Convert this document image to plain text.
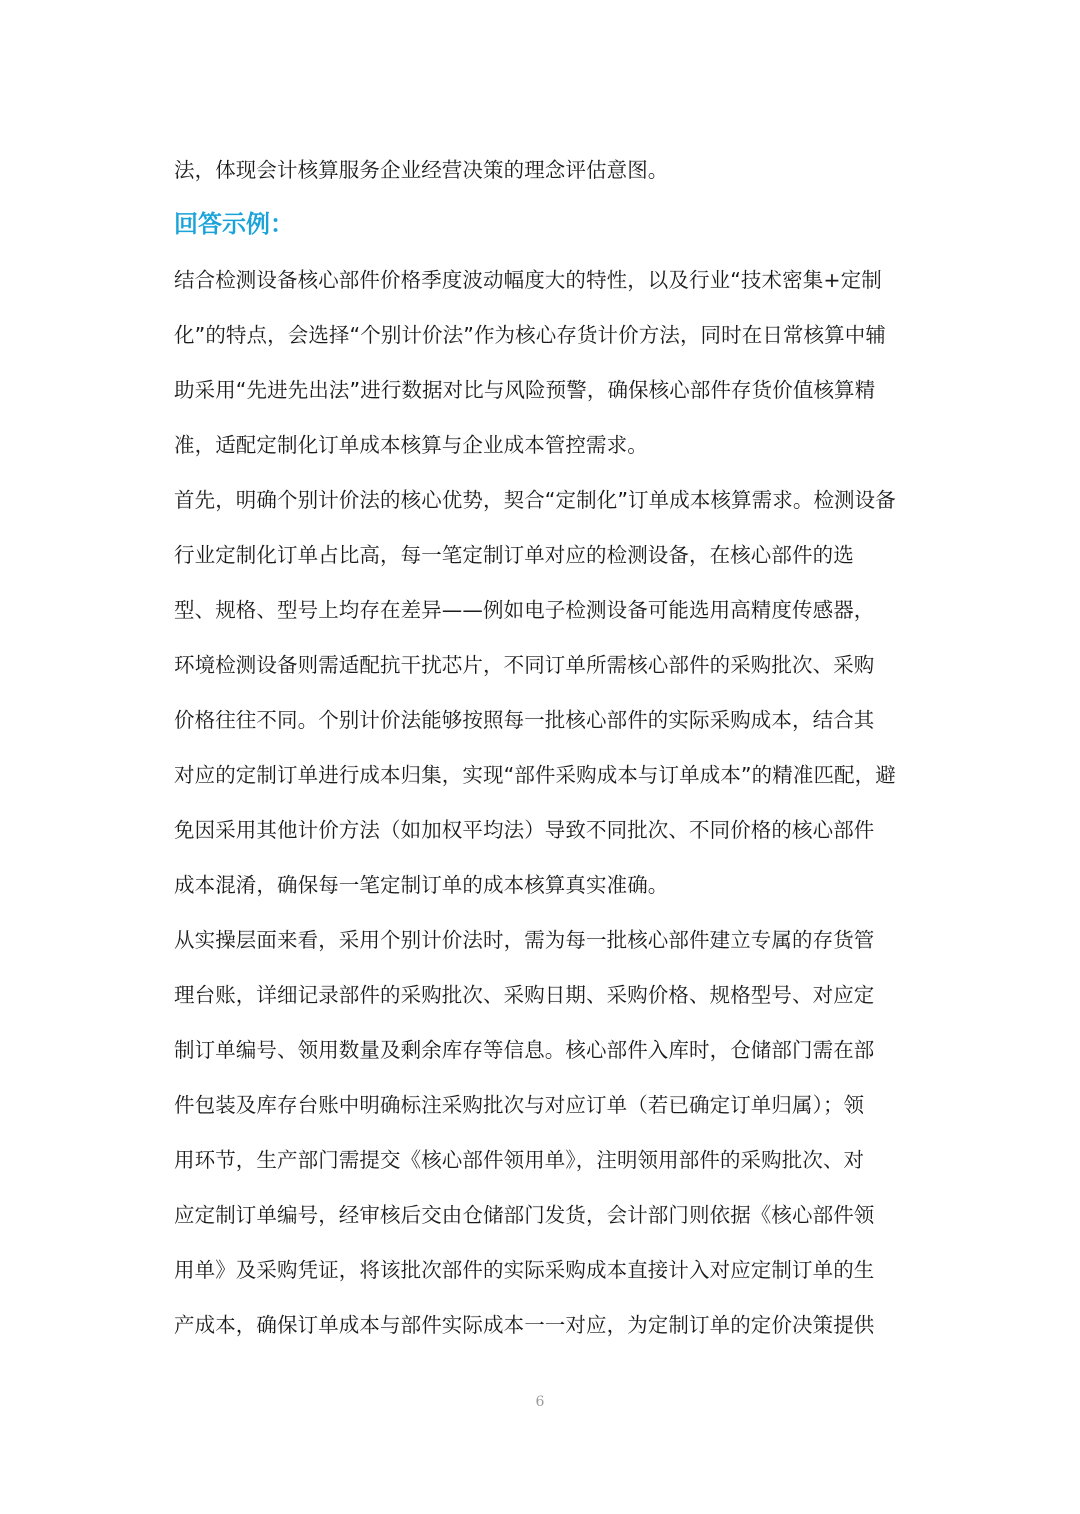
法，体现会计核算服务企业经营决策的理念评估意图。
回答示例：
结合检测设备核心部件价格季度波动幅度大的特性，以及行业“技术密集+定制
化”的特点，会选择“个别计价法”作为核心存货计价方法，同时在日常核算中辅
助采用“先进先出法”进行数据对比与风险预警，确保核心部件存货价值核算精
准，适配定制化订单成本核算与企业成本管控需求。
首先，明确个别计价法的核心优势，契合“定制化”订单成本核算需求。检测设备
行业定制化订单占比高，每一笔定制订单对应的检测设备，在核心部件的选
型、规格、型号上均存在差异——例如电子检测设备可能选用高精度传感器，
环境检测设备则需适配抗干扰芯片，不同订单所需核心部件的采购批次、采购
价格往往不同。个别计价法能够按照每一批核心部件的实际采购成本，结合其
对应的定制订单进行成本归集，实现“部件采购成本与订单成本”的精准匹配，避
免因采用其他计价方法（如加权平均法）导致不同批次、不同价格的核心部件
成本混淆，确保每一笔定制订单的成本核算真实准确。
从实操层面来看，采用个别计价法时，需为每一批核心部件建立专属的存货管
理台账，详细记录部件的采购批次、采购日期、采购价格、规格型号、对应定
制订单编号、领用数量及剩余库存等信息。核心部件入库时，仓储部门需在部
件包装及库存台账中明确标注采购批次与对应订单（若已确定订单归属）；领
用环节，生产部门需提交《核心部件领用单》，注明领用部件的采购批次、对
应定制订单编号，经审核后交由仓储部门发货，会计部门则依据《核心部件领
用单》及采购凭证，将该批次部件的实际采购成本直接计入对应定制订单的生
产成本，确保订单成本与部件实际成本一一对应，为定制订单的定价决策提供
6
